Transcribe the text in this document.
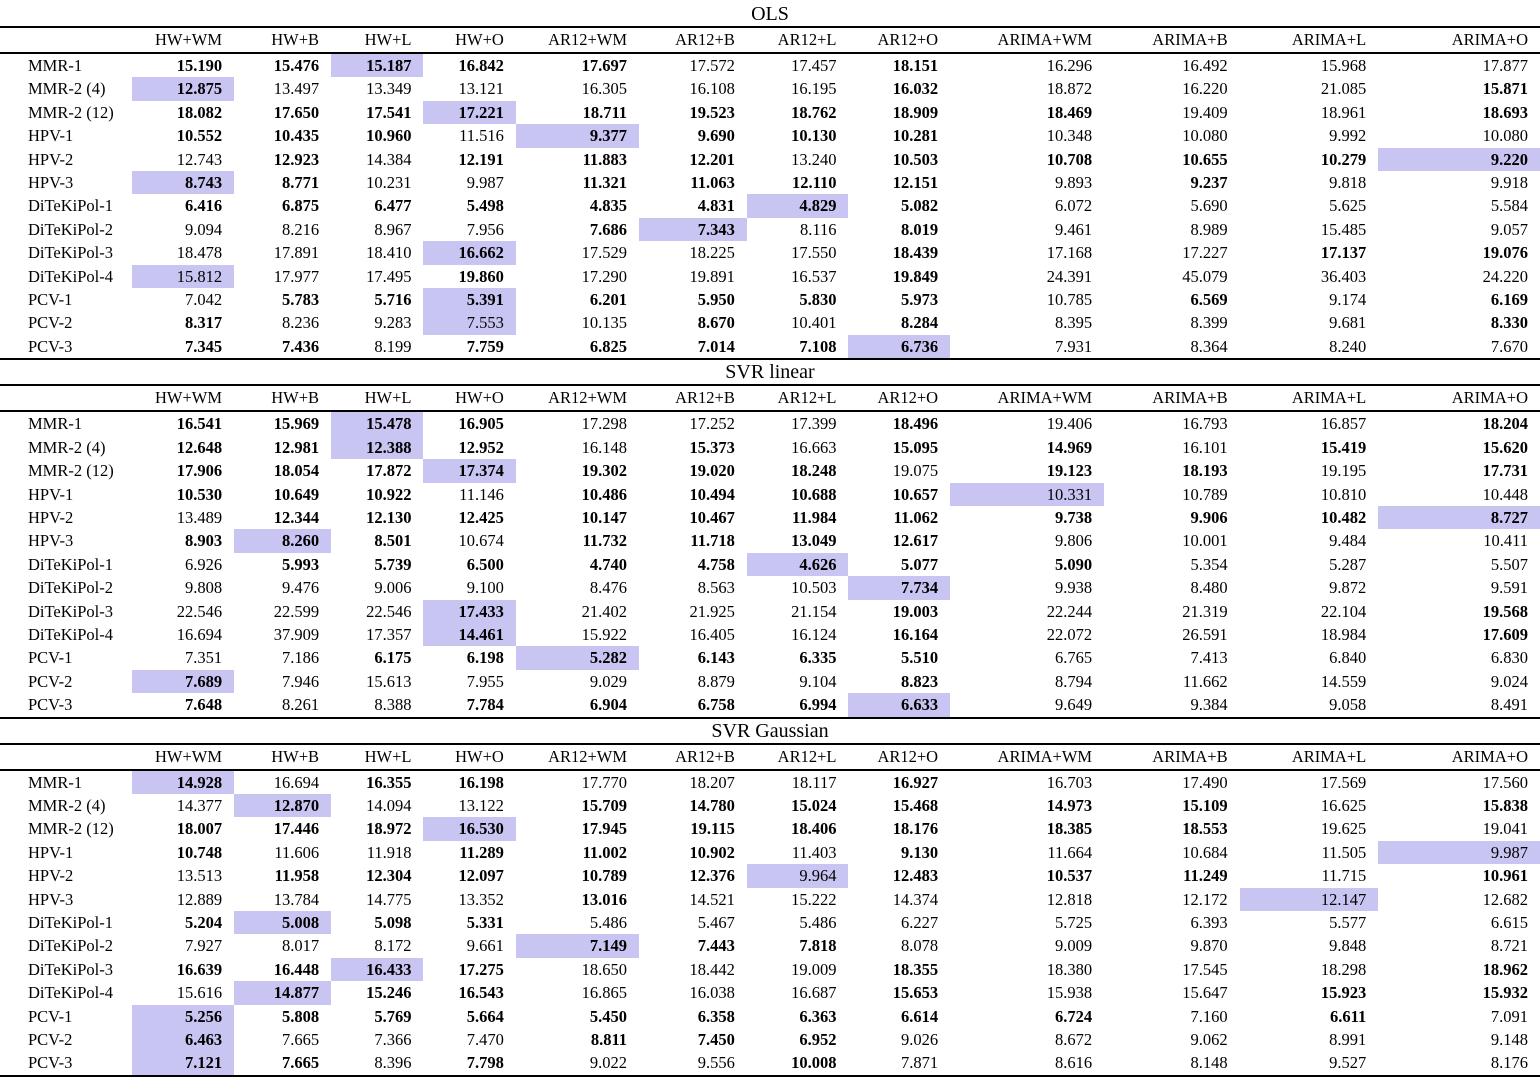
OLS
	HW+WM	HW+B	HW+L	HW+O	AR12+WM	AR12+B	AR12+L	AR12+O	ARIMA+WM	ARIMA+B	ARIMA+L	ARIMA+O
MMR-1	15.190	15.476	15.187	16.842	17.697	17.572	17.457	18.151	16.296	16.492	15.968	17.877
MMR-2 (4)	12.875	13.497	13.349	13.121	16.305	16.108	16.195	16.032	18.872	16.220	21.085	15.871
MMR-2 (12)	18.082	17.650	17.541	17.221	18.711	19.523	18.762	18.909	18.469	19.409	18.961	18.693
HPV-1	10.552	10.435	10.960	11.516	9.377	9.690	10.130	10.281	10.348	10.080	9.992	10.080
HPV-2	12.743	12.923	14.384	12.191	11.883	12.201	13.240	10.503	10.708	10.655	10.279	9.220
HPV-3	8.743	8.771	10.231	9.987	11.321	11.063	12.110	12.151	9.893	9.237	9.818	9.918
DiTeKiPol-1	6.416	6.875	6.477	5.498	4.835	4.831	4.829	5.082	6.072	5.690	5.625	5.584
DiTeKiPol-2	9.094	8.216	8.967	7.956	7.686	7.343	8.116	8.019	9.461	8.989	15.485	9.057
DiTeKiPol-3	18.478	17.891	18.410	16.662	17.529	18.225	17.550	18.439	17.168	17.227	17.137	19.076
DiTeKiPol-4	15.812	17.977	17.495	19.860	17.290	19.891	16.537	19.849	24.391	45.079	36.403	24.220
PCV-1	7.042	5.783	5.716	5.391	6.201	5.950	5.830	5.973	10.785	6.569	9.174	6.169
PCV-2	8.317	8.236	9.283	7.553	10.135	8.670	10.401	8.284	8.395	8.399	9.681	8.330
PCV-3	7.345	7.436	8.199	7.759	6.825	7.014	7.108	6.736	7.931	8.364	8.240	7.670
SVR linear
	HW+WM	HW+B	HW+L	HW+O	AR12+WM	AR12+B	AR12+L	AR12+O	ARIMA+WM	ARIMA+B	ARIMA+L	ARIMA+O
MMR-1	16.541	15.969	15.478	16.905	17.298	17.252	17.399	18.496	19.406	16.793	16.857	18.204
MMR-2 (4)	12.648	12.981	12.388	12.952	16.148	15.373	16.663	15.095	14.969	16.101	15.419	15.620
MMR-2 (12)	17.906	18.054	17.872	17.374	19.302	19.020	18.248	19.075	19.123	18.193	19.195	17.731
HPV-1	10.530	10.649	10.922	11.146	10.486	10.494	10.688	10.657	10.331	10.789	10.810	10.448
HPV-2	13.489	12.344	12.130	12.425	10.147	10.467	11.984	11.062	9.738	9.906	10.482	8.727
HPV-3	8.903	8.260	8.501	10.674	11.732	11.718	13.049	12.617	9.806	10.001	9.484	10.411
DiTeKiPol-1	6.926	5.993	5.739	6.500	4.740	4.758	4.626	5.077	5.090	5.354	5.287	5.507
DiTeKiPol-2	9.808	9.476	9.006	9.100	8.476	8.563	10.503	7.734	9.938	8.480	9.872	9.591
DiTeKiPol-3	22.546	22.599	22.546	17.433	21.402	21.925	21.154	19.003	22.244	21.319	22.104	19.568
DiTeKiPol-4	16.694	37.909	17.357	14.461	15.922	16.405	16.124	16.164	22.072	26.591	18.984	17.609
PCV-1	7.351	7.186	6.175	6.198	5.282	6.143	6.335	5.510	6.765	7.413	6.840	6.830
PCV-2	7.689	7.946	15.613	7.955	9.029	8.879	9.104	8.823	8.794	11.662	14.559	9.024
PCV-3	7.648	8.261	8.388	7.784	6.904	6.758	6.994	6.633	9.649	9.384	9.058	8.491
SVR Gaussian
	HW+WM	HW+B	HW+L	HW+O	AR12+WM	AR12+B	AR12+L	AR12+O	ARIMA+WM	ARIMA+B	ARIMA+L	ARIMA+O
MMR-1	14.928	16.694	16.355	16.198	17.770	18.207	18.117	16.927	16.703	17.490	17.569	17.560
MMR-2 (4)	14.377	12.870	14.094	13.122	15.709	14.780	15.024	15.468	14.973	15.109	16.625	15.838
MMR-2 (12)	18.007	17.446	18.972	16.530	17.945	19.115	18.406	18.176	18.385	18.553	19.625	19.041
HPV-1	10.748	11.606	11.918	11.289	11.002	10.902	11.403	9.130	11.664	10.684	11.505	9.987
HPV-2	13.513	11.958	12.304	12.097	10.789	12.376	9.964	12.483	10.537	11.249	11.715	10.961
HPV-3	12.889	13.784	14.775	13.352	13.016	14.521	15.222	14.374	12.818	12.172	12.147	12.682
DiTeKiPol-1	5.204	5.008	5.098	5.331	5.486	5.467	5.486	6.227	5.725	6.393	5.577	6.615
DiTeKiPol-2	7.927	8.017	8.172	9.661	7.149	7.443	7.818	8.078	9.009	9.870	9.848	8.721
DiTeKiPol-3	16.639	16.448	16.433	17.275	18.650	18.442	19.009	18.355	18.380	17.545	18.298	18.962
DiTeKiPol-4	15.616	14.877	15.246	16.543	16.865	16.038	16.687	15.653	15.938	15.647	15.923	15.932
PCV-1	5.256	5.808	5.769	5.664	5.450	6.358	6.363	6.614	6.724	7.160	6.611	7.091
PCV-2	6.463	7.665	7.366	7.470	8.811	7.450	6.952	9.026	8.672	9.062	8.991	9.148
PCV-3	7.121	7.665	8.396	7.798	9.022	9.556	10.008	7.871	8.616	8.148	9.527	8.176
